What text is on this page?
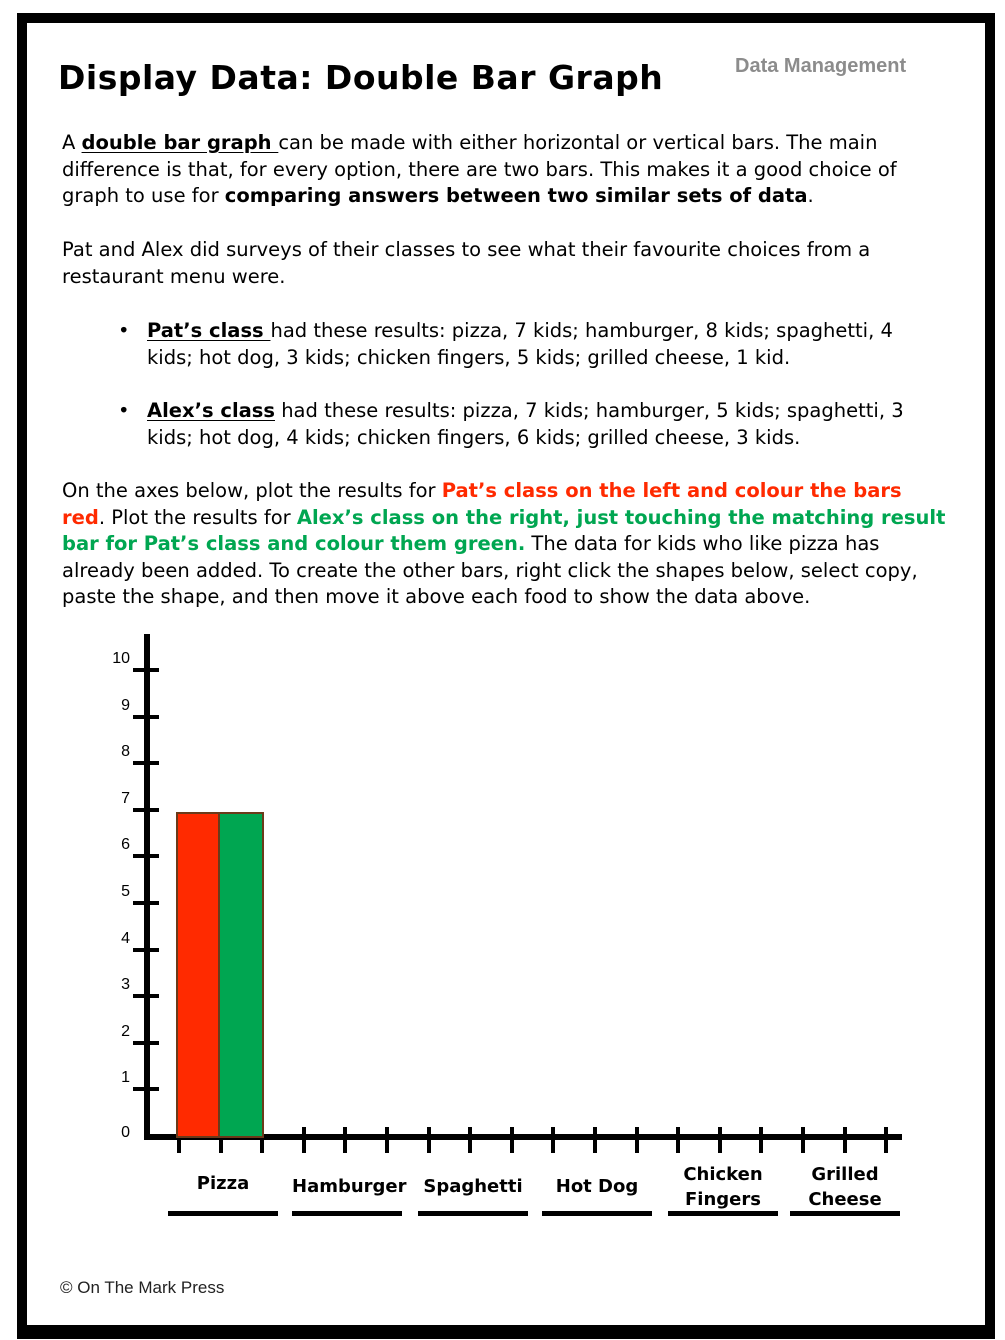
Display Data: Double Bar Graph	Data Management
A double bar graph can be made with either horizontal or vertical bars. The main difference is that, for every option, there are two bars. This makes it a good choice of graph to use for comparing answers between two similar sets of data.
Pat and Alex did surveys of their classes to see what their favourite choices from a restaurant menu were.
• Pat’s class had these results: pizza, 7 kids; hamburger, 8 kids; spaghetti, 4 kids; hot dog, 3 kids; chicken fingers, 5 kids; grilled cheese, 1 kid.
• Alex’s class had these results: pizza, 7 kids; hamburger, 5 kids; spaghetti, 3 kids; hot dog, 4 kids; chicken fingers, 6 kids; grilled cheese, 3 kids.
On the axes below, plot the results for Pat’s class on the left and colour the bars red. Plot the results for Alex’s class on the right, just touching the matching result bar for Pat’s class and colour them green. The data for kids who like pizza has already been added. To create the other bars, right click the shapes below, select copy, paste the shape, and then move it above each food to show the data above.
0
1
2
3
4
5
6
7
8
9
10
Pizza	Hamburger Spaghetti	Hot Dog
Chicken
Fingers
Grilled
Cheese
© On The Mark Press
